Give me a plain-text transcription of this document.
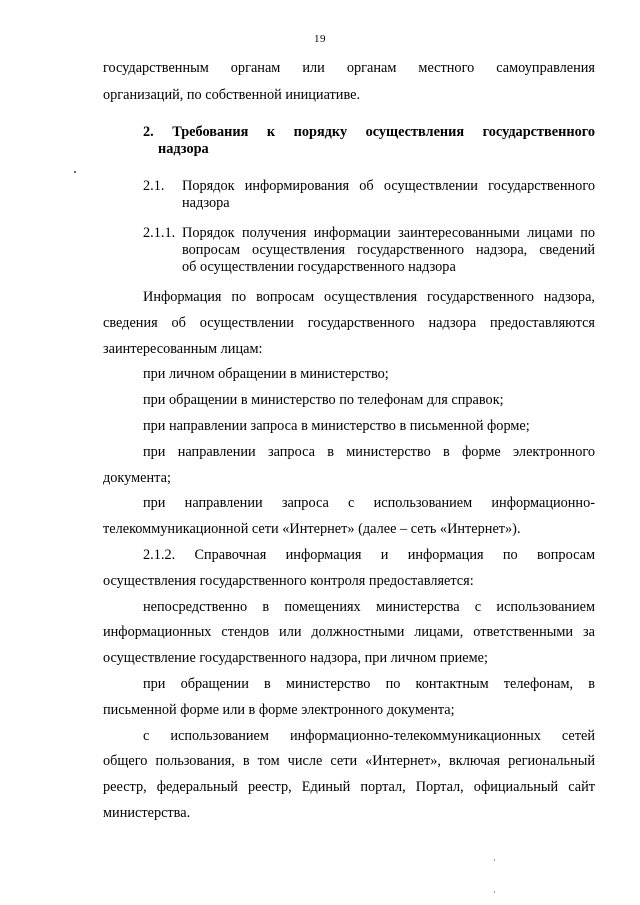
19
государственным органам или органам местного самоуправления
организаций, по собственной инициативе.
2. Требования к порядку осуществления государственного
надзора
2.1. Порядок информирования об осуществлении государственного
надзора
2.1.1. Порядок получения информации заинтересованными лицами по
вопросам осуществления государственного надзора, сведений
об осуществлении государственного надзора
Информация по вопросам осуществления государственного надзора,
сведения об осуществлении государственного надзора предоставляются
заинтересованным лицам:
при личном обращении в министерство;
при обращении в министерство по телефонам для справок;
при направлении запроса в министерство в письменной форме;
при направлении запроса в министерство в форме электронного
документа;
при направлении запроса с использованием информационно-
телекоммуникационной сети «Интернет» (далее – сеть «Интернет»).
2.1.2. Справочная информация и информация по вопросам
осуществления государственного контроля предоставляется:
непосредственно в помещениях министерства с использованием
информационных стендов или должностными лицами, ответственными за
осуществление государственного надзора, при личном приеме;
при обращении в министерство по контактным телефонам, в
письменной форме или в форме электронного документа;
с использованием информационно-телекоммуникационных сетей
общего пользования, в том числе сети «Интернет», включая региональный
реестр, федеральный реестр, Единый портал, Портал, официальный сайт
министерства.
